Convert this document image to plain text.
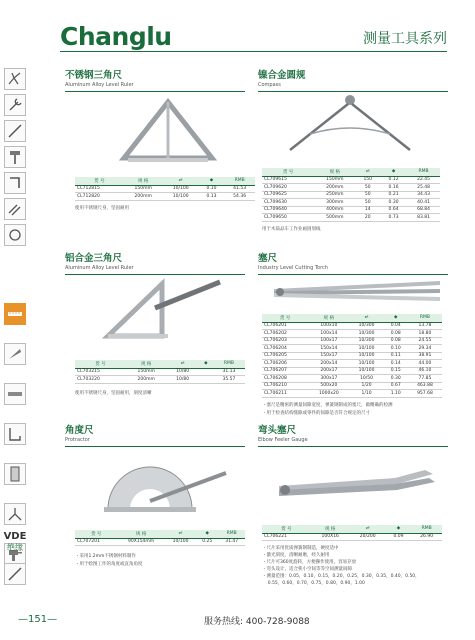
Changlu	测量工具系列
VDE
绝缘
不锈钢三角尺
Aluminum Alloy Level Ruler
货 号	规 格	⇌	◆	RMB
CL712815	150mm	10/100	0.10	41.53
CL712820	200mm	10/100	0.13	54.36
使用不锈钢尺身，坚固耐用
镍合金圆规
Compass
货 号	规 格	⇌	◆	RMB
CL709615	150mm	150	0.12	22.45
CL709620	200mm	50	0.16	25.48
CL709625	250mm	50	0.21	34.43
CL709630	300mm	50	0.30	40.41
CL709640	400mm	14	0.64	68.84
CL709650	500mm	20	0.73	83.81
用于木质品车工作业画圆划线
铝合金三角尺
Aluminum Alloy Level Ruler
货 号	规 格	⇌	◆	RMB
CL703215	150mm	10/80		31.13
CL703220	200mm	10/80		35.57
使用不锈钢尺身，坚固耐用，刻度清晰
塞尺
Industry Level Cutting Torch
货 号	规 格	⇌	◆	RMB
CL706201	100x10	10/300	0.04	13.78
CL706202	100x14	10/300	0.08	18.80
CL706203	100x17	10/300	0.08	24.55
CL706204	150x14	10/100	0.10	29.34
CL706205	150x17	10/100	0.11	38.91
CL706206	200x14	10/100	0.14	44.00
CL706207	200x17	10/100	0.15	46.10
CL706208	300x17	10/50	0.30	77.85
CL706210	500x20	1/20	0.67	463.88
CL706211	1000x20	1/10	1.10	957.68
・塞尺是精密的测量间隙宽度，弹簧钢制成的塞尺，做精确的检测
・用于检查结构缝隙或零件的间隙是否符合规定的尺寸
角度尺
Protractor
货 号	规 格	⇌	◆	RMB
CL707201	90X154mm	10/100	0.25	31.47
・采用1.2mm不锈钢材料制作
・用于绘图工作的角度或直角角度
弯头塞尺
Elbow Feeler Gauge
货 号	规 格	⇌	◆	RMB
CL706221	100X16	20/200	0.09	26.90
・尺片采用优质弹簧钢制造，硬度适中
・激光刻度，清晰耐磨，经久耐用
・尺片可360度旋转，方便操作使用，容易存放
・弯头设计，适合狭小空间等等空间测量间隙
・测量范围：0.05，0.10，0.15，0.20，0.25，0.30，0.35，0.40，0.50，
0.55，0.60，0.70，0.75，0.80，0.90，1.00
—151—	服务热线: 400-728-9088
